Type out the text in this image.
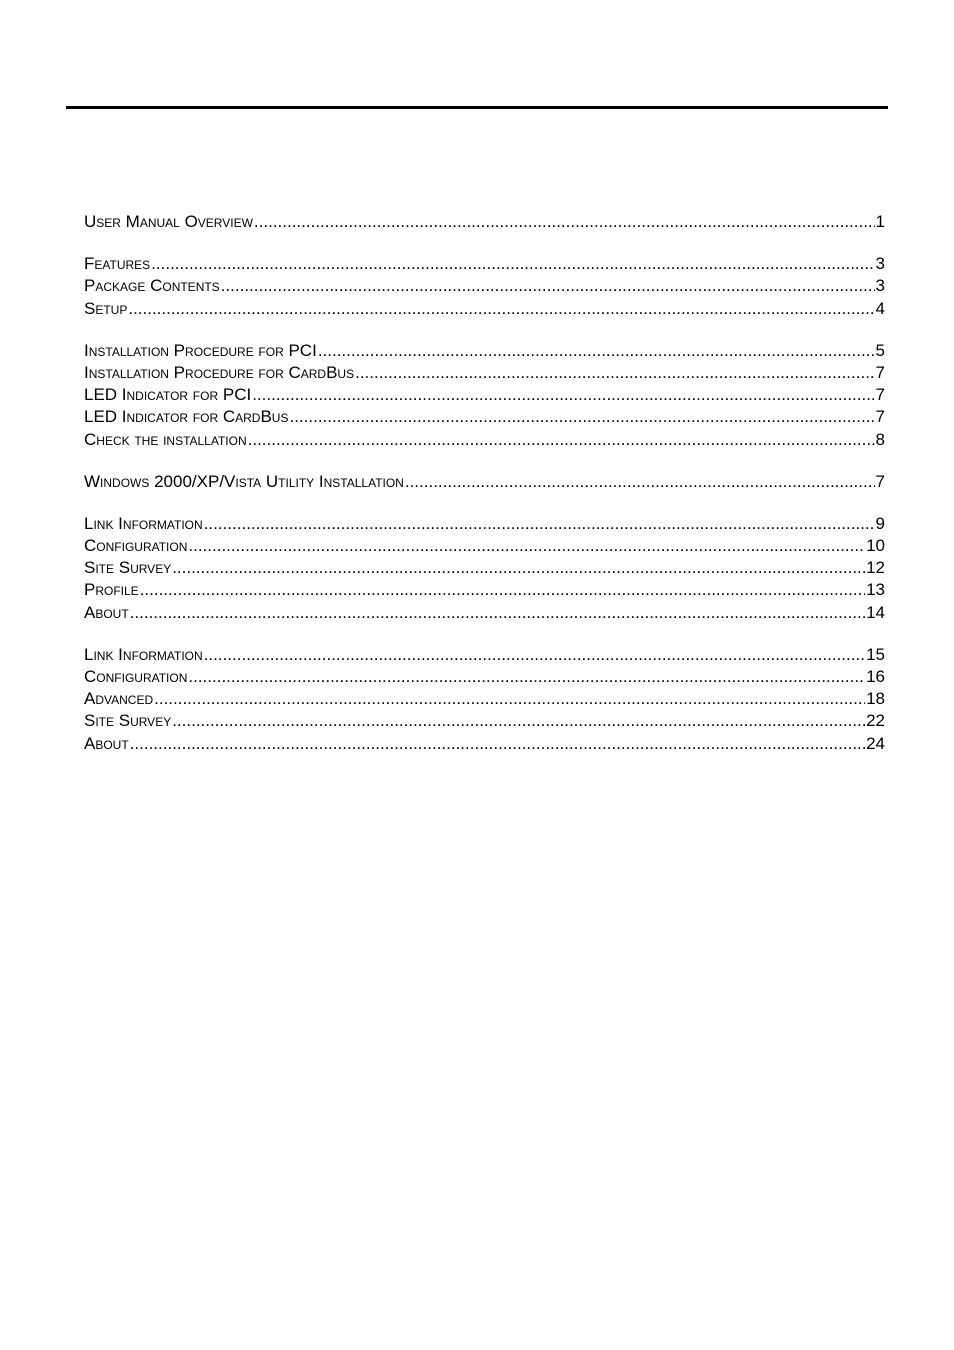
User Manual Overview .....	1
Features .....	3
Package Contents .....	3
Setup .....	4
Installation Procedure for PCI .....	5
Installation Procedure for CardBus .....	7
LED Indicator for PCI .....	7
LED Indicator for CardBus .....	7
Check the installation .....	8
Windows 2000/XP/Vista Utility Installation .....	7
Link Information .....	9
Configuration .....	10
Site Survey .....	12
Profile .....	13
About .....	14
Link Information .....	15
Configuration .....	16
Advanced .....	18
Site Survey .....	22
About .....	24
